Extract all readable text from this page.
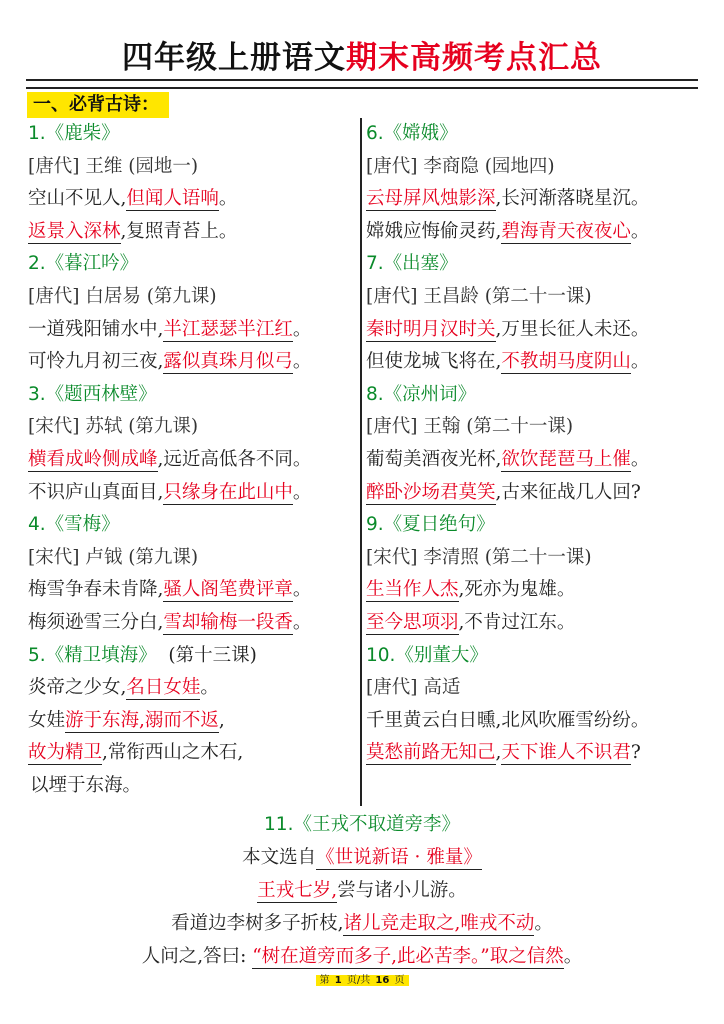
四年级上册语文期末高频考点汇总
一、必背古诗：
1.《鹿柴》
[唐代] 王维 (园地一)
空山不见人,但闻人语响。
返景入深林,复照青苔上。
2.《暮江吟》
[唐代] 白居易 (第九课)
一道残阳铺水中,半江瑟瑟半江红。
可怜九月初三夜,露似真珠月似弓。
3.《题西林壁》
[宋代] 苏轼 (第九课)
横看成岭侧成峰,远近高低各不同。
不识庐山真面目,只缘身在此山中。
4.《雪梅》
[宋代] 卢钺 (第九课)
梅雪争春未肯降,骚人阁笔费评章。
梅须逊雪三分白,雪却输梅一段香。
5.《精卫填海》 (第十三课)
炎帝之少女,名日女娃。
女娃游于东海,溺而不返,
故为精卫,常衔西山之木石,
以堙于东海。
6.《嫦娥》
[唐代] 李商隐 (园地四)
云母屏风烛影深,长河渐落晓星沉。
嫦娥应悔偷灵药,碧海青天夜夜心。
7.《出塞》
[唐代] 王昌龄 (第二十一课)
秦时明月汉时关,万里长征人未还。
但使龙城飞将在,不教胡马度阴山。
8.《凉州词》
[唐代] 王翰 (第二十一课)
葡萄美酒夜光杯,欲饮琵琶马上催。
醉卧沙场君莫笑,古来征战几人回?
9.《夏日绝句》
[宋代] 李清照 (第二十一课)
生当作人杰,死亦为鬼雄。
至今思项羽,不肯过江东。
10.《别董大》
[唐代] 高适
千里黄云白日曛,北风吹雁雪纷纷。
莫愁前路无知己,天下谁人不识君?
11.《王戎不取道旁李》
本文选自《世说新语 · 雅量》
王戎七岁,尝与诸小儿游。
看道边李树多子折枝,诸儿竞走取之,唯戎不动。
人问之,答曰: “树在道旁而多子,此必苦李。”取之信然。
第 1 页/共 16 页
